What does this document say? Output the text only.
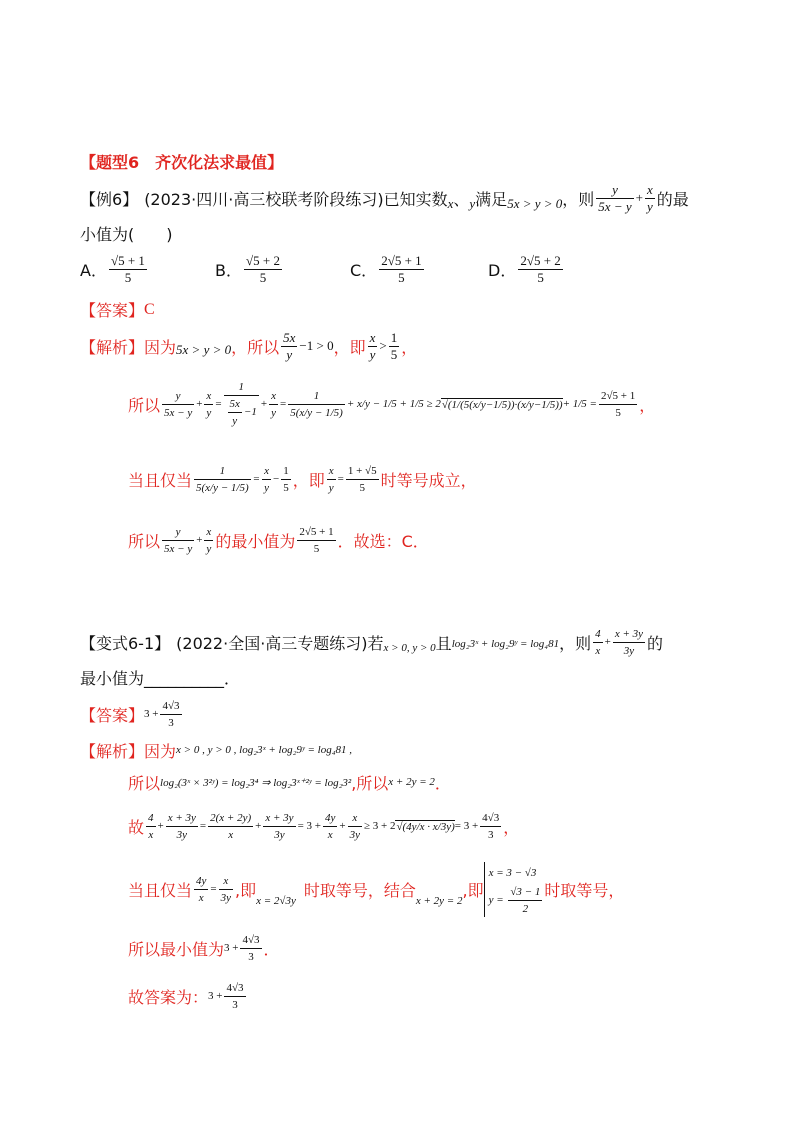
【题型6　齐次化法求最值】
【例6】 (2023·四川·高三校联考阶段练习) 已知实数 x 、 y 满足 5x > y > 0 ，则 $\frac{y}{5x - y} + \frac{x}{y}$ 的最
小值为(　　)
A． $\frac{√5 + 1}{5}$	B． $\frac{√5 + 2}{5}$	C． $\frac{2√5 + 1}{5}$	D． $\frac{2√5 + 2}{5}$
【答案】 C
【解析】 因为 5x > y > 0 ，所以 $\frac{5x}{y} -1 > 0$ ，即 $\frac{x}{y} > \frac{1}{5}$ ，
所以 $\frac{y}{5x - y} + \frac{x}{y} = \frac{1}{\frac{5x}{y} -1} + \frac{x}{y} = \frac{1}{5(x/y - 1/5)} + x/y - 1/5 + 1/5 \ge 2$ $√(1/(5(x/y-1/5))\cdot(x/y-1/5)) + 1/5 = \frac{2√5 + 1}{5}$ ，
当且仅当 $\frac{1}{5(x/y - 1/5)} = \frac{x}{y} - \frac{1}{5}$ ，即 $\frac{x}{y} = \frac{1 + √5}{5}$ 时等号成立，
所以 $\frac{y}{5x - y} + \frac{x}{y}$ 的最小值为 $\frac{2√5 + 1}{5}$ ．故选：C．
【变式6-1】 (2022·全国·高三专题练习) 若 x > 0, y > 0 且 log₂3ˣ + log₂9ʸ = log₄81 ，则 $\frac{4}{x} + \frac{x + 3y}{3y}$ 的
最小值为 __________．
【答案】 $3 + \frac{4√3}{3}$
【解析】 因为 x > 0 , y > 0 , log₂3ˣ + log₂9ʸ = log₄81 ,
所以 log₂(3ˣ × 3²ʸ) = log₂3⁴ ⇒ log₂3ˣ⁺²ʸ = log₂3² ,所以 x + 2y = 2 ．
故 $\frac{4}{x} + \frac{x + 3y}{3y} = \frac{2(x + 2y)}{x} + \frac{x + 3y}{3y} = 3 + \frac{4y}{x} + \frac{x}{3y} \ge 3 + 2$ $√(4y/x \cdot x/3y) = 3 + \frac{4√3}{3}$ ，
当且仅当 $\frac{4y}{x} = \frac{x}{3y}$ ,即
x = 2√3y
时取等号，结合
x + 2y = 2
,即
x = 3 − √3
$y = \frac{√3 - 1}{2}$ 时取等号，
所以最小值为 $3 + \frac{4√3}{3}$ ．
故答案为： $3 + \frac{4√3}{3}$
